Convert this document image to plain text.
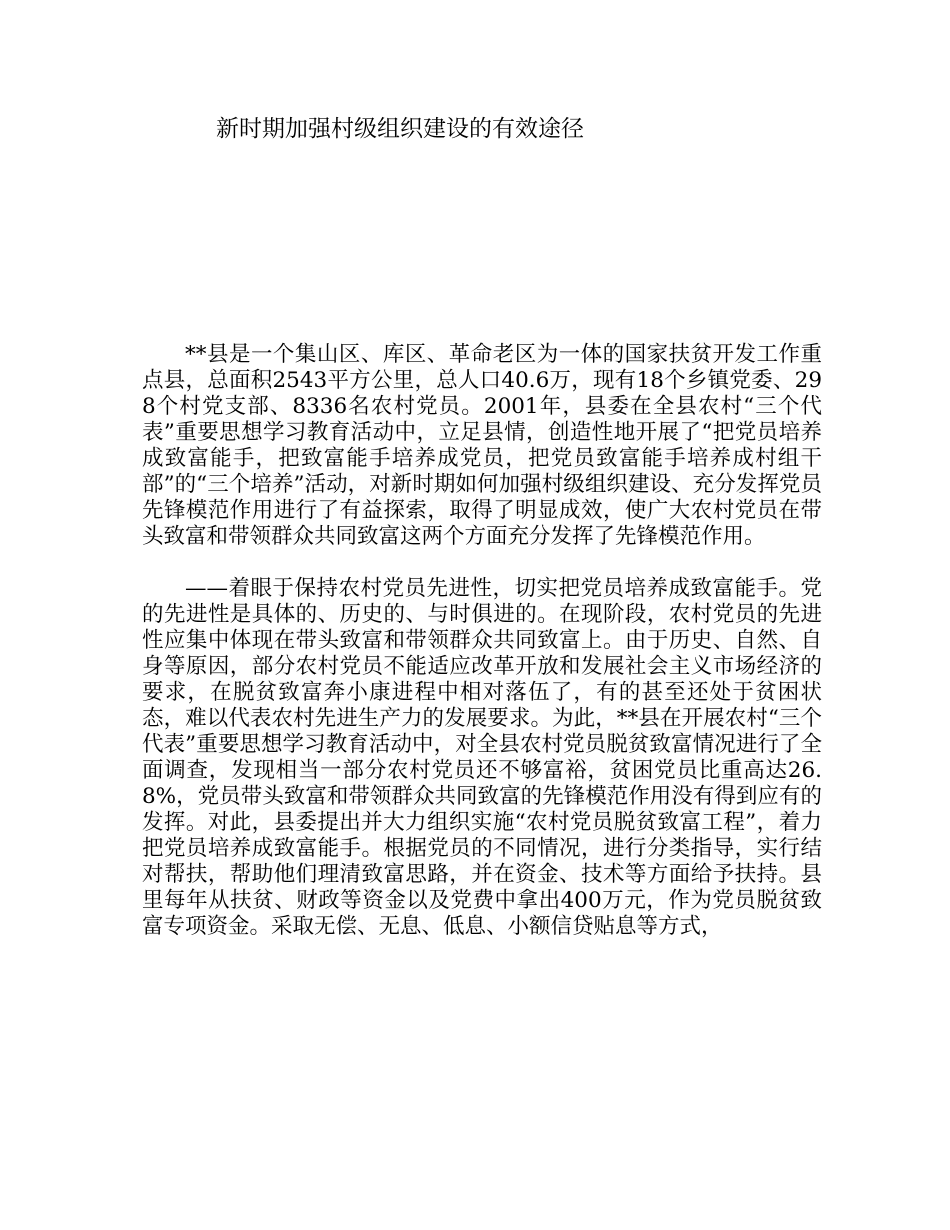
新时期加强村级组织建设的有效途径

**县是一个集山区、库区、革命老区为一体的国家扶贫开发工作重点县，总面积2543平方公里，总人口40.6万，现有18个乡镇党委、298个村党支部、8336名农村党员。2001年，县委在全县农村“三个代表”重要思想学习教育活动中，立足县情，创造性地开展了“把党员培养成致富能手，把致富能手培养成党员，把党员致富能手培养成村组干部”的“三个培养”活动，对新时期如何加强村级组织建设、充分发挥党员先锋模范作用进行了有益探索，取得了明显成效，使广大农村党员在带头致富和带领群众共同致富这两个方面充分发挥了先锋模范作用。

——着眼于保持农村党员先进性，切实把党员培养成致富能手。党的先进性是具体的、历史的、与时俱进的。在现阶段，农村党员的先进性应集中体现在带头致富和带领群众共同致富上。由于历史、自然、自身等原因，部分农村党员不能适应改革开放和发展社会主义市场经济的要求，在脱贫致富奔小康进程中相对落伍了，有的甚至还处于贫困状态，难以代表农村先进生产力的发展要求。为此，**县在开展农村“三个代表”重要思想学习教育活动中，对全县农村党员脱贫致富情况进行了全面调查，发现相当一部分农村党员还不够富裕，贫困党员比重高达26.8%，党员带头致富和带领群众共同致富的先锋模范作用没有得到应有的发挥。对此，县委提出并大力组织实施“农村党员脱贫致富工程”，着力把党员培养成致富能手。根据党员的不同情况，进行分类指导，实行结对帮扶，帮助他们理清致富思路，并在资金、技术等方面给予扶持。县里每年从扶贫、财政等资金以及党费中拿出400万元，作为党员脱贫致富专项资金。采取无偿、无息、低息、小额信贷贴息等方式，
